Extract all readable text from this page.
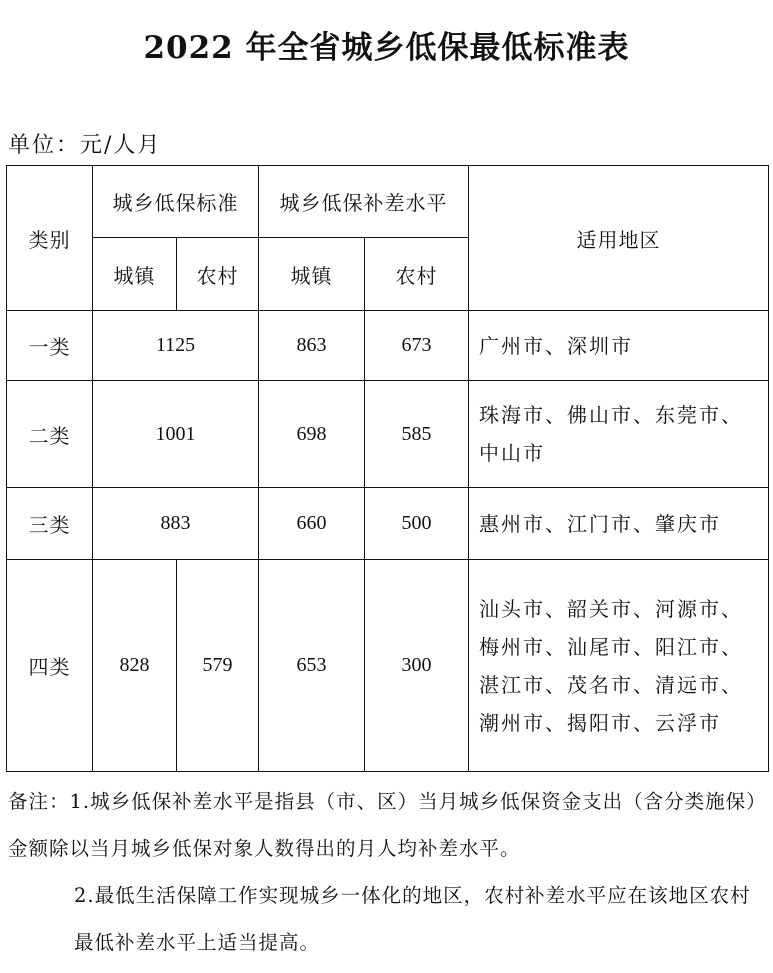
2022 年全省城乡低保最低标准表
单位：元/人月
类别	城乡低保标准		城乡低保补差水平		适用地区
	城镇	农村	城镇	农村	
一类	1125		863	673	广州市、深圳市
二类	1001		698	585	珠海市、佛山市、东莞市、中山市
三类	883		660	500	惠州市、江门市、肇庆市
四类	828	579	653	300	汕头市、韶关市、河源市、梅州市、汕尾市、阳江市、湛江市、茂名市、清远市、潮州市、揭阳市、云浮市

备注：1.城乡低保补差水平是指县（市、区）当月城乡低保资金支出（含分类施保）金额除以当月城乡低保对象人数得出的月人均补差水平。

2.最低生活保障工作实现城乡一体化的地区，农村补差水平应在该地区农村最低补差水平上适当提高。
